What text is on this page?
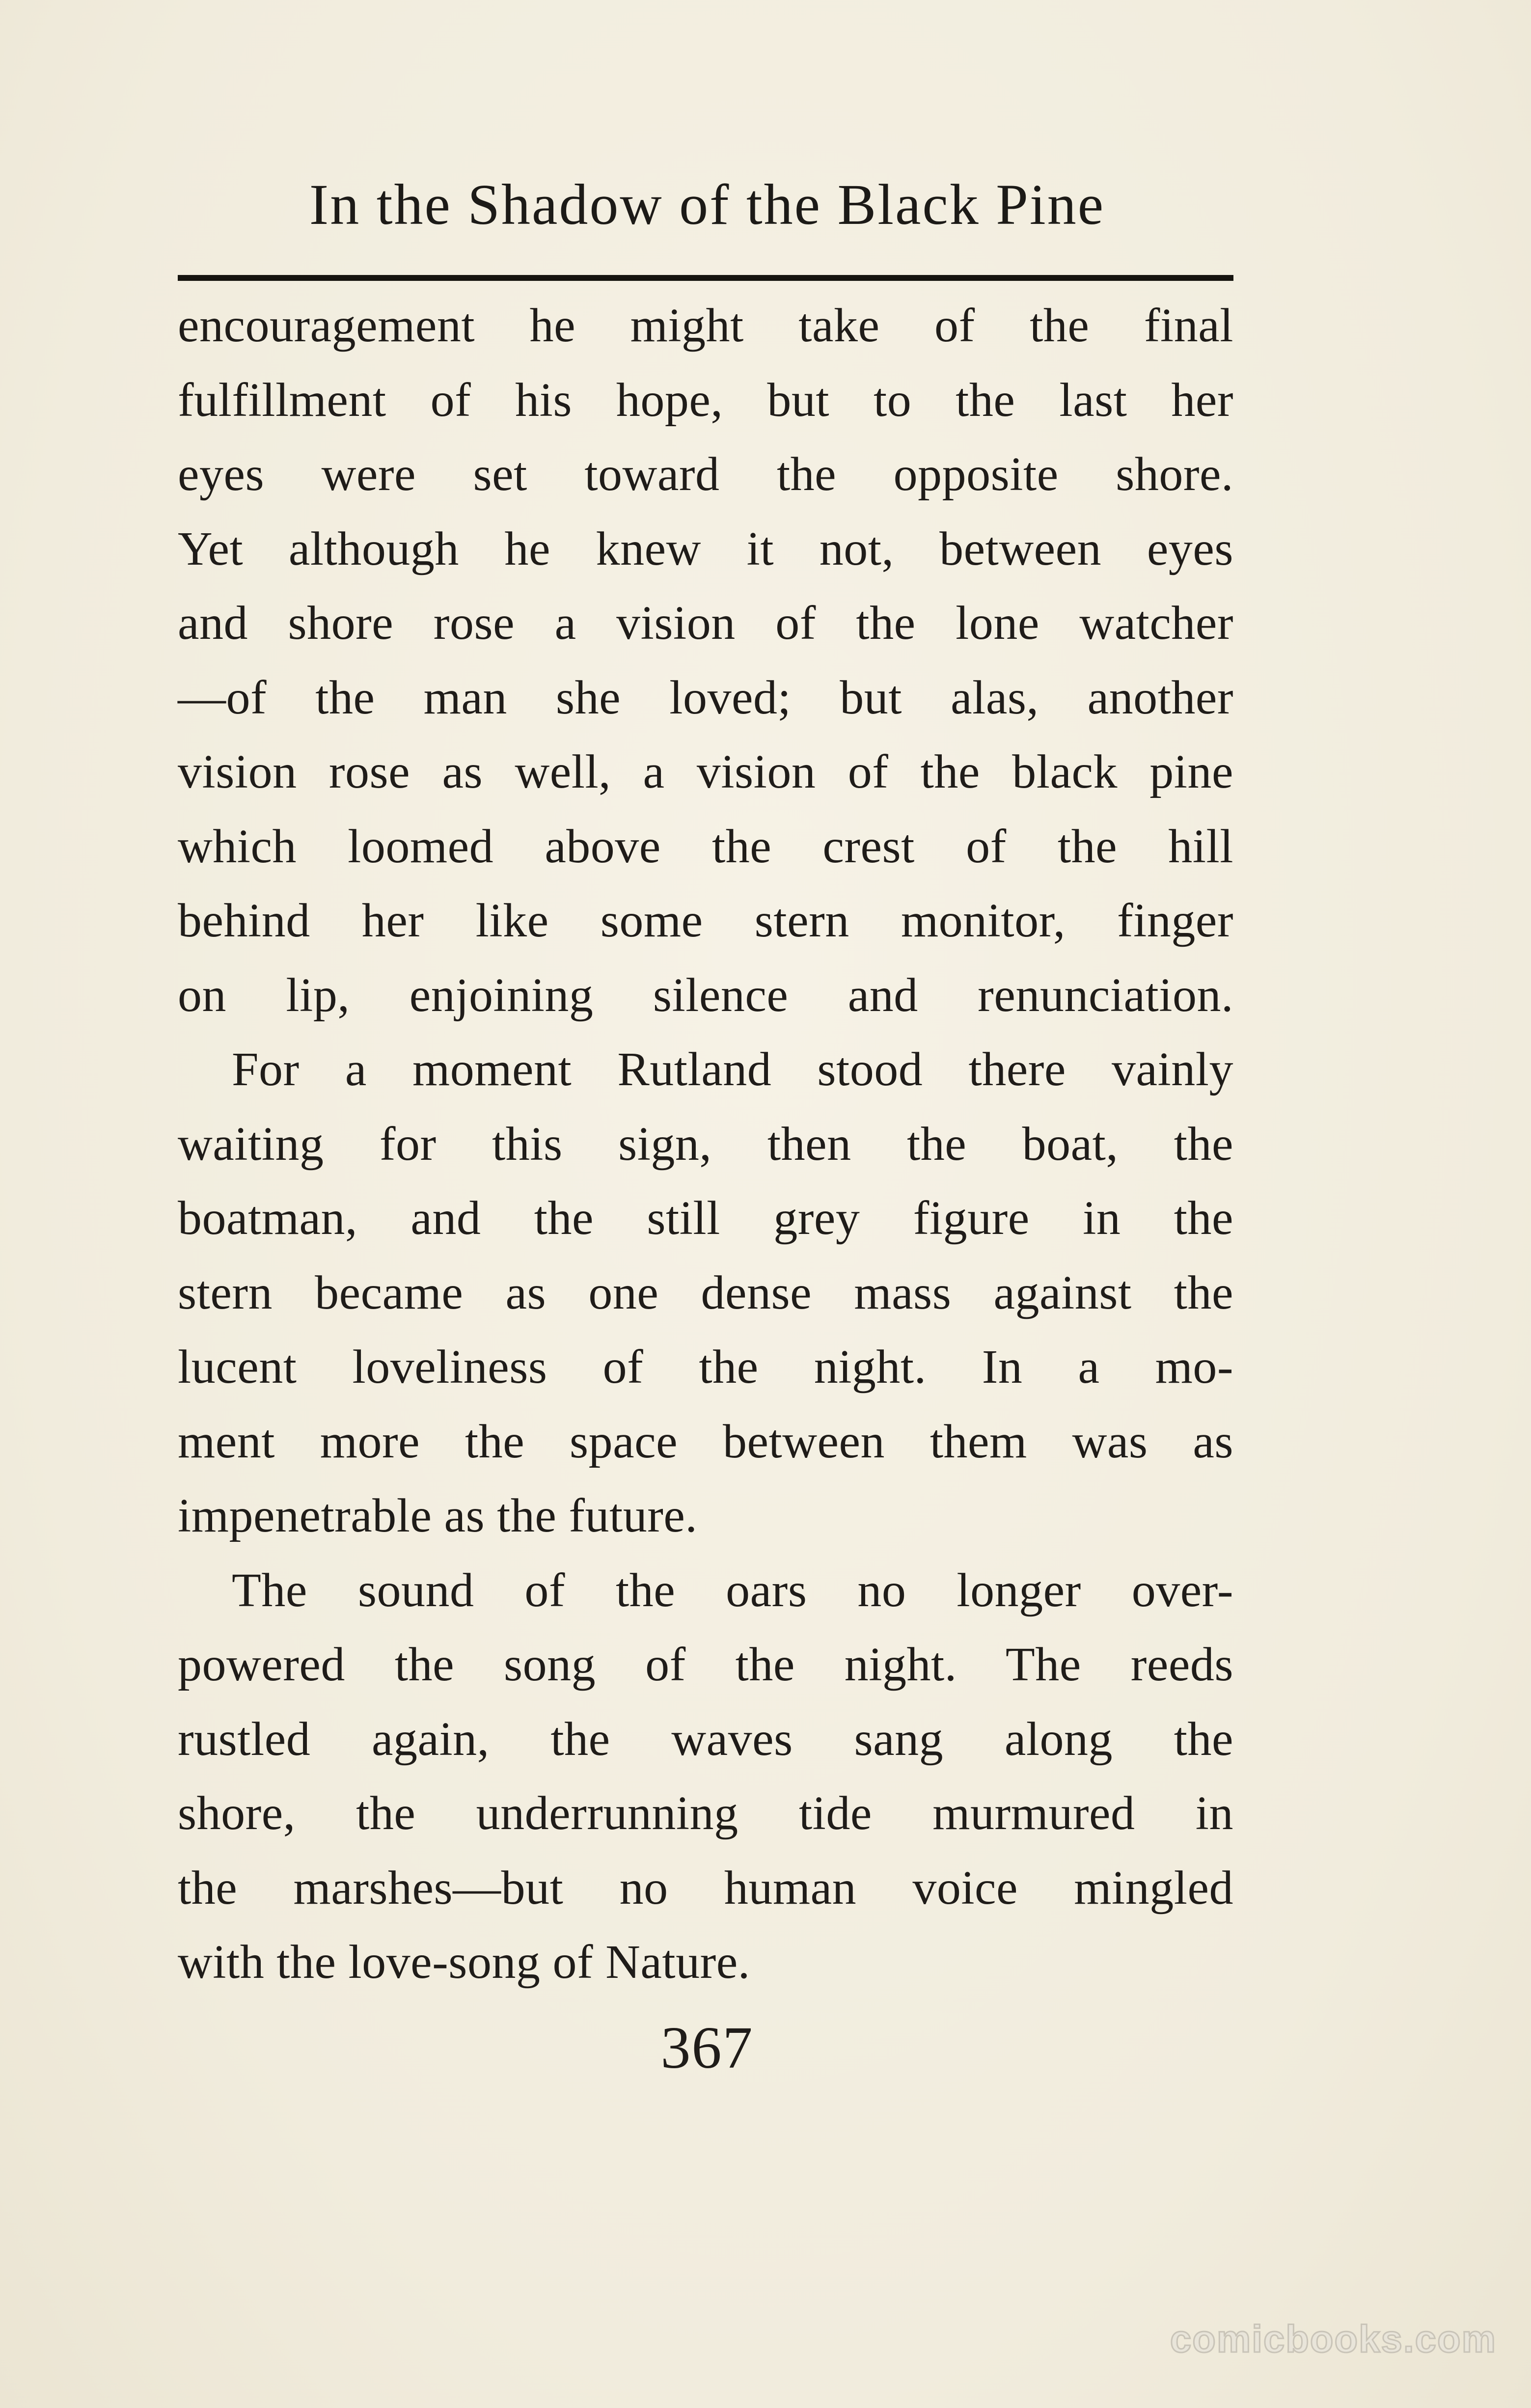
In the Shadow of the Black Pine
encouragement he might take of the final
fulfillment of his hope, but to the last her
eyes were set toward the opposite shore.
Yet although he knew it not, between eyes
and shore rose a vision of the lone watcher
—of the man she loved; but alas, another
vision rose as well, a vision of the black pine
which loomed above the crest of the hill
behind her like some stern monitor, finger
on lip, enjoining silence and renunciation.
For a moment Rutland stood there vainly
waiting for this sign, then the boat, the
boatman, and the still grey figure in the
stern became as one dense mass against the
lucent loveliness of the night. In a mo-
ment more the space between them was as
impenetrable as the future.
The sound of the oars no longer over-
powered the song of the night. The reeds
rustled again, the waves sang along the
shore, the underrunning tide murmured in
the marshes—but no human voice mingled
with the love-song of Nature.
367
comicbooks.com
